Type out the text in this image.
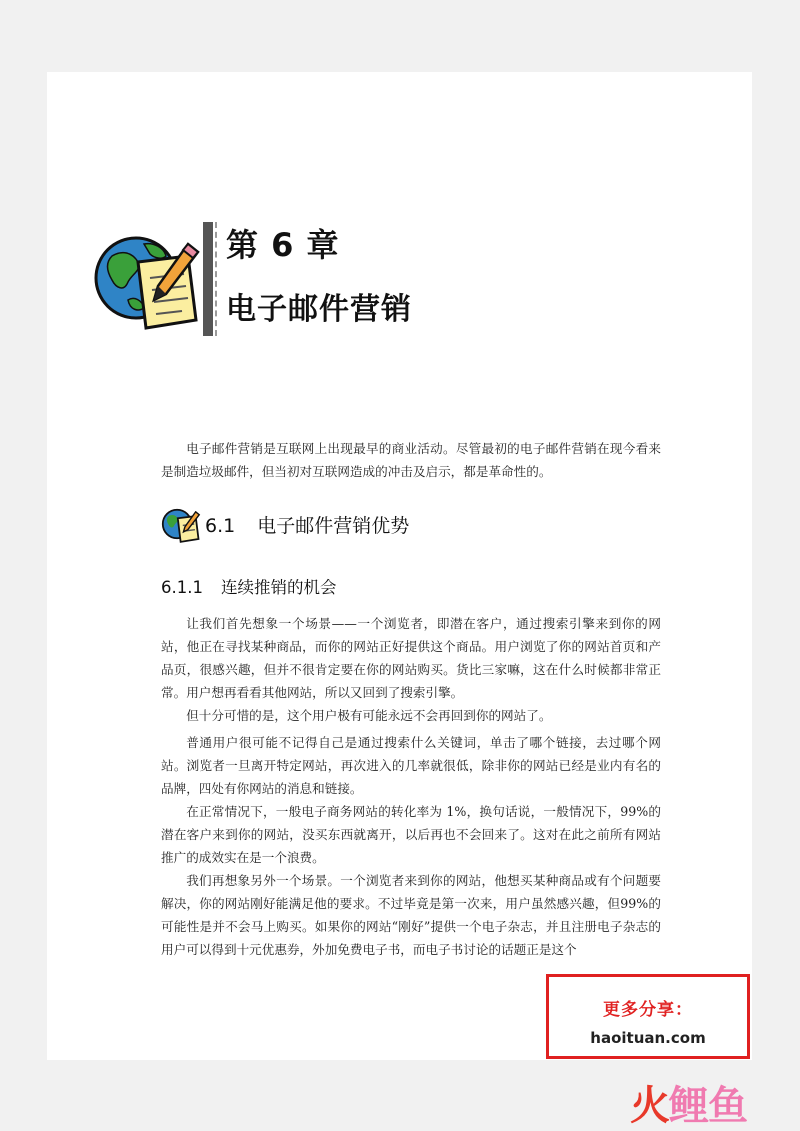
第 6 章
电子邮件营销

电子邮件营销是互联网上出现最早的商业活动。尽管最初的电子邮件营销在现今看来是制造垃圾邮件，但当初对互联网造成的冲击及启示，都是革命性的。

6.1 电子邮件营销优势
6.1.1 连续推销的机会

让我们首先想象一个场景——一个浏览者，即潜在客户，通过搜索引擎来到你的网站，他正在寻找某种商品，而你的网站正好提供这个商品。用户浏览了你的网站首页和产品页，很感兴趣，但并不很肯定要在你的网站购买。货比三家嘛，这在什么时候都非常正常。用户想再看看其他网站，所以又回到了搜索引擎。

但十分可惜的是，这个用户极有可能永远不会再回到你的网站了。

普通用户很可能不记得自己是通过搜索什么关键词，单击了哪个链接，去过哪个网站。浏览者一旦离开特定网站，再次进入的几率就很低，除非你的网站已经是业内有名的品牌，四处有你网站的消息和链接。

在正常情况下，一般电子商务网站的转化率为 1%，换句话说，一般情况下，99%的潜在客户来到你的网站，没买东西就离开，以后再也不会回来了。这对在此之前所有网站推广的成效实在是一个浪费。

我们再想象另外一个场景。一个浏览者来到你的网站，他想买某种商品或有个问题要解决，你的网站刚好能满足他的要求。不过毕竟是第一次来，用户虽然感兴趣，但99%的可能性是并不会马上购买。如果你的网站“刚好”提供一个电子杂志，并且注册电子杂志的用户可以得到十元优惠券，外加免费电子书，而电子书讨论的话题正是这个

更多分享：
haoituan.com
火鲤鱼
